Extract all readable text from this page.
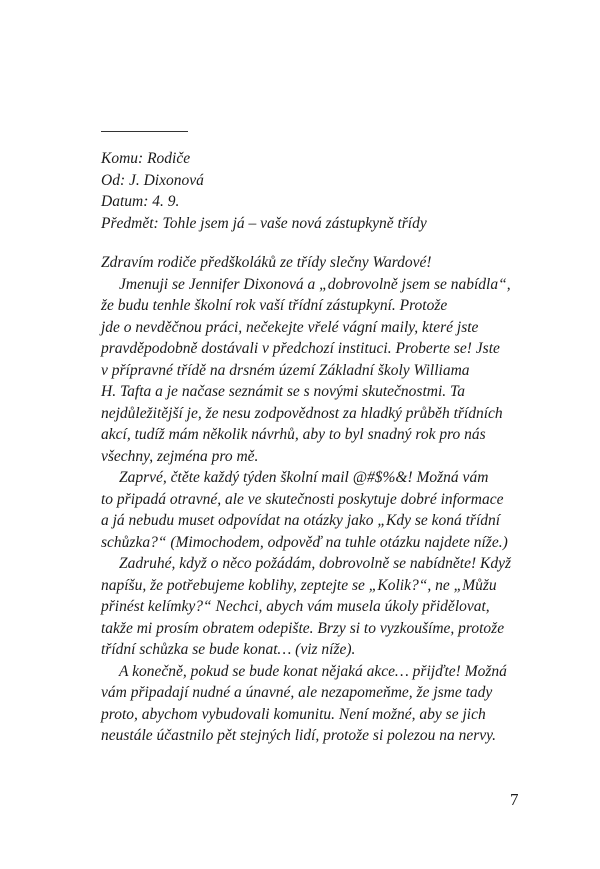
Komu: Rodiče
Od: J. Dixonová
Datum: 4. 9.
Předmět: Tohle jsem já – vaše nová zástupkyně třídy
Zdravím rodiče předškoláků ze třídy slečny Wardové!
Jmenuji se Jennifer Dixonová a „dobrovolně jsem se nabídla“,
že budu tenhle školní rok vaší třídní zástupkyní. Protože
jde o nevděčnou práci, nečekejte vřelé vágní maily, které jste
pravděpodobně dostávali v předchozí instituci. Proberte se! Jste
v přípravné třídě na drsném území Základní školy Williama
H. Tafta a je načase seznámit se s novými skutečnostmi. Ta
nejdůležitější je, že nesu zodpovědnost za hladký průběh třídních
akcí, tudíž mám několik návrhů, aby to byl snadný rok pro nás
všechny, zejména pro mě.
Zaprvé, čtěte každý týden školní mail @#$%&! Možná vám
to připadá otravné, ale ve skutečnosti poskytuje dobré informace
a já nebudu muset odpovídat na otázky jako „Kdy se koná třídní
schůzka?“ (Mimochodem, odpověď na tuhle otázku najdete níže.)
Zadruhé, když o něco požádám, dobrovolně se nabídněte! Když
napíšu, že potřebujeme koblihy, zeptejte se „Kolik?“, ne „Můžu
přinést kelímky?“ Nechci, abych vám musela úkoly přidělovat,
takže mi prosím obratem odepište. Brzy si to vyzkoušíme, protože
třídní schůzka se bude konat… (viz níže).
A konečně, pokud se bude konat nějaká akce… přijďte! Možná
vám připadají nudné a únavné, ale nezapomeňme, že jsme tady
proto, abychom vybudovali komunitu. Není možné, aby se jich
neustále účastnilo pět stejných lidí, protože si polezou na nervy.
7
